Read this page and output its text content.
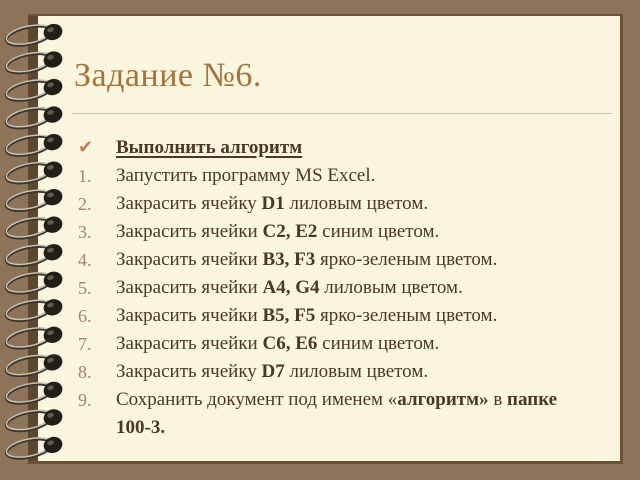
Задание №6.
✔	Выполнить алгоритм
1.	Запустить программу MS Excel.
2.	Закрасить ячейку D1 лиловым цветом.
3.	Закрасить ячейки C2, E2 синим цветом.
4.	Закрасить ячейки B3, F3 ярко-зеленым цветом.
5.	Закрасить ячейки A4, G4 лиловым цветом.
6.	Закрасить ячейки B5, F5 ярко-зеленым цветом.
7.	Закрасить ячейки C6, E6 синим цветом.
8.	Закрасить ячейку D7 лиловым цветом.
9.	Сохранить документ под именем «алгоритм» в папке 100-3.
